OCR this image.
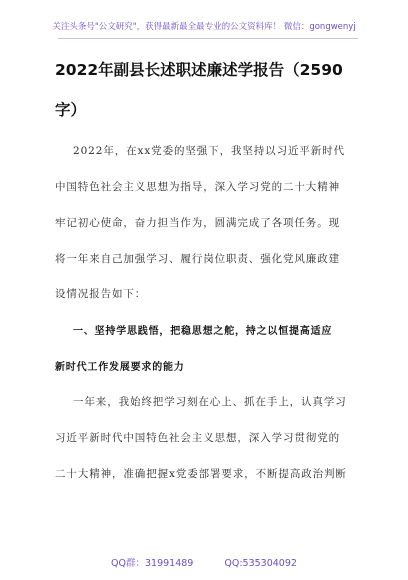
关注头条号"公文研究"，获得最新最全最专业的公文资料库！ 微信：gongwenyj
2022年副县长述职述廉述学报告（2590
字）
2022年，在xx党委的坚强下，我坚持以习近平新时代
中国特色社会主义思想为指导，深入学习党的二十大精神
牢记初心使命，奋力担当作为，圆满完成了各项任务。现
将一年来自己加强学习、履行岗位职责、强化党风廉政建
设情况报告如下：
一、坚持学思践悟，把稳思想之舵，持之以恒提高适应
新时代工作发展要求的能力
一年来，我始终把学习刻在心上、抓在手上，认真学习
习近平新时代中国特色社会主义思想，深入学习贯彻党的
二十大精神，准确把握x党委部署要求，不断提高政治判断
QQ群：31991489	QQ:535304092
